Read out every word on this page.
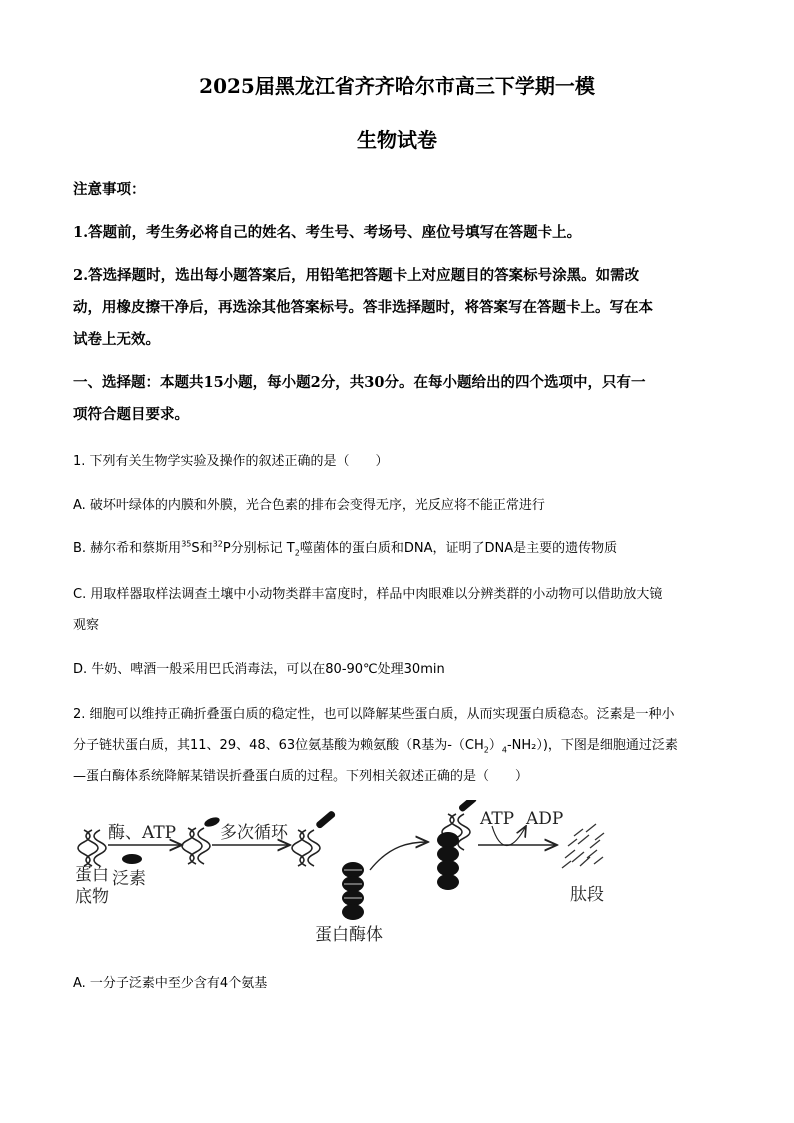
2025届黑龙江省齐齐哈尔市高三下学期一模
生物试卷
注意事项：
1.答题前，考生务必将自己的姓名、考生号、考场号、座位号填写在答题卡上。
2.答选择题时，选出每小题答案后，用铅笔把答题卡上对应题目的答案标号涂黑。如需改
动，用橡皮擦干净后，再选涂其他答案标号。答非选择题时，将答案写在答题卡上。写在本
试卷上无效。
一、选择题：本题共15小题，每小题2分，共30分。在每小题给出的四个选项中，只有一
项符合题目要求。
1. 下列有关生物学实验及操作的叙述正确的是（　　）
A. 破坏叶绿体的内膜和外膜，光合色素的排布会变得无序，光反应将不能正常进行
B. 赫尔希和蔡斯用$^{35}$S和$^{32}$P分别标记 $T_2$噬菌体的蛋白质和DNA，证明了DNA是主要的遗传物质
C. 用取样器取样法调查土壤中小动物类群丰富度时，样品中肉眼难以分辨类群的小动物可以借助放大镜
观察
D. 牛奶、啤酒一般采用巴氏消毒法，可以在80-90℃处理30min
2. 细胞可以维持正确折叠蛋白质的稳定性，也可以降解某些蛋白质，从而实现蛋白质稳态。泛素是一种小
分子链状蛋白质，其11、29、48、63位氨基酸为赖氨酸（R基为$-(CH_2)_4-NH_2$）)，下图是细胞通过泛素
—蛋白酶体系统降解某错误折叠蛋白质的过程。下列相关叙述正确的是（　　）
蛋白
底物
泛素
酶、ATP	多次循环
蛋白酶体
ATP ADP
肽段
A. 一分子泛素中至少含有4个氨基
